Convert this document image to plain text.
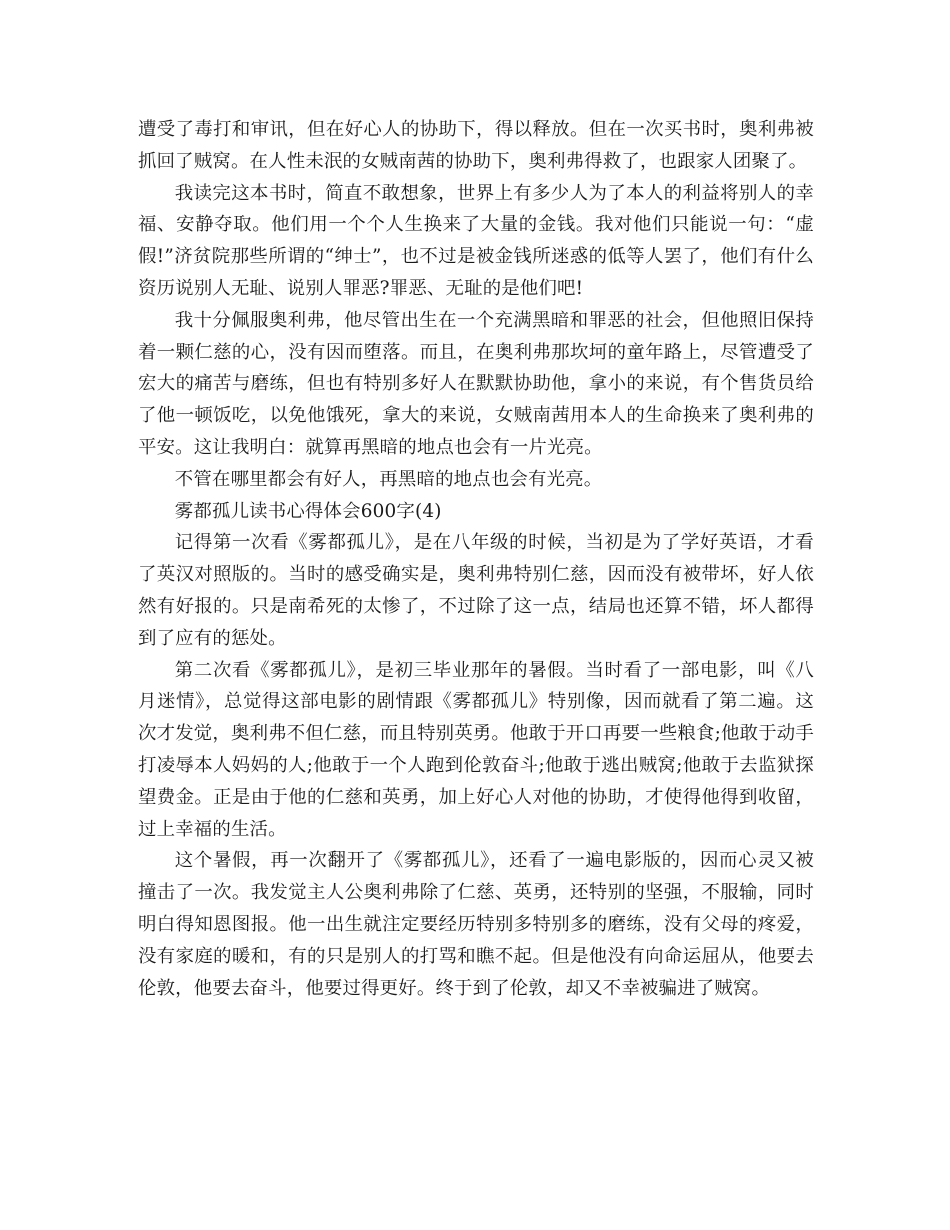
遭受了毒打和审讯，但在好心人的协助下，得以释放。但在一次买书时，奥利弗被抓回了贼窝。在人性未泯的女贼南茜的协助下，奥利弗得救了，也跟家人团聚了。

我读完这本书时，简直不敢想象，世界上有多少人为了本人的利益将别人的幸福、安静夺取。他们用一个个人生换来了大量的金钱。我对他们只能说一句：“虚假!”济贫院那些所谓的“绅士”，也不过是被金钱所迷惑的低等人罢了，他们有什么资历说别人无耻、说别人罪恶?罪恶、无耻的是他们吧!

我十分佩服奥利弗，他尽管出生在一个充满黑暗和罪恶的社会，但他照旧保持着一颗仁慈的心，没有因而堕落。而且，在奥利弗那坎坷的童年路上，尽管遭受了宏大的痛苦与磨练，但也有特别多好人在默默协助他，拿小的来说，有个售货员给了他一顿饭吃，以免他饿死，拿大的来说，女贼南茜用本人的生命换来了奥利弗的平安。这让我明白：就算再黑暗的地点也会有一片光亮。

不管在哪里都会有好人，再黑暗的地点也会有光亮。

雾都孤儿读书心得体会600字(4)

记得第一次看《雾都孤儿》，是在八年级的时候，当初是为了学好英语，才看了英汉对照版的。当时的感受确实是，奥利弗特别仁慈，因而没有被带坏，好人依然有好报的。只是南希死的太惨了，不过除了这一点，结局也还算不错，坏人都得到了应有的惩处。

第二次看《雾都孤儿》，是初三毕业那年的暑假。当时看了一部电影，叫《八月迷情》，总觉得这部电影的剧情跟《雾都孤儿》特别像，因而就看了第二遍。这次才发觉，奥利弗不但仁慈，而且特别英勇。他敢于开口再要一些粮食;他敢于动手打凌辱本人妈妈的人;他敢于一个人跑到伦敦奋斗;他敢于逃出贼窝;他敢于去监狱探望费金。正是由于他的仁慈和英勇，加上好心人对他的协助，才使得他得到收留，过上幸福的生活。

这个暑假，再一次翻开了《雾都孤儿》，还看了一遍电影版的，因而心灵又被撞击了一次。我发觉主人公奥利弗除了仁慈、英勇，还特别的坚强，不服输，同时明白得知恩图报。他一出生就注定要经历特别多特别多的磨练，没有父母的疼爱，没有家庭的暖和，有的只是别人的打骂和瞧不起。但是他没有向命运屈从，他要去伦敦，他要去奋斗，他要过得更好。终于到了伦敦，却又不幸被骗进了贼窝。
